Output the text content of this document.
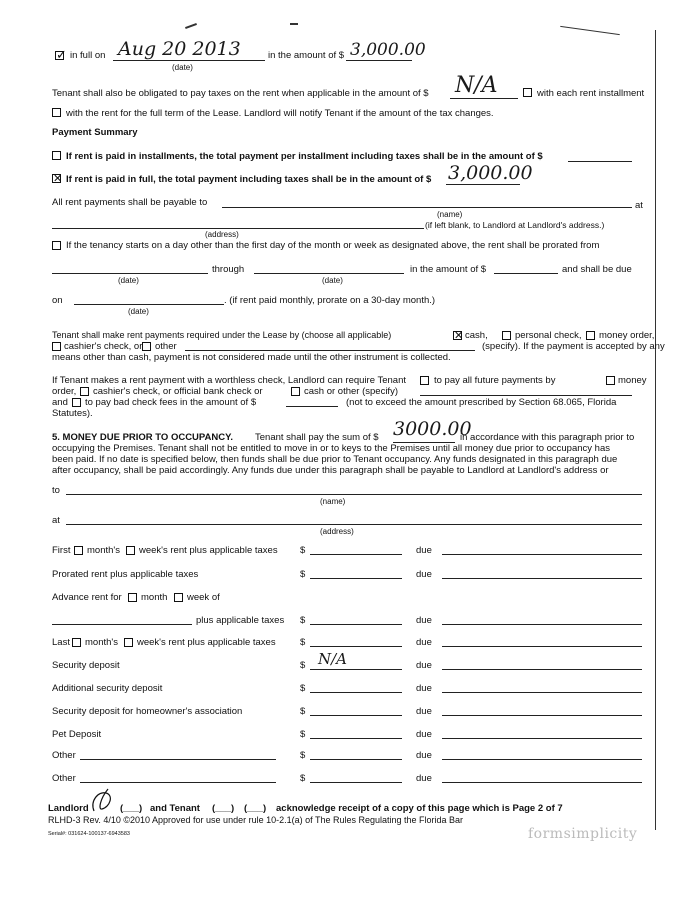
✓
in full on Aug 20 2013
(date)
in the amount of $ 3,000.00
Tenant shall also be obligated to pay taxes on the rent when applicable in the amount of $ N/A	with each rent installment
with the rent for the full term of the Lease. Landlord will notify Tenant if the amount of the tax changes.
Payment Summary
If rent is paid in installments, the total payment per installment including taxes shall be in the amount of $
✕
If rent is paid in full, the total payment including taxes shall be in the amount of $ 3,000.00
All rent payments shall be payable to	at
(name)
(if left blank, to Landlord at Landlord's address.)
(address)
If the tenancy starts on a day other than the first day of the month or week as designated above, the rent shall be prorated from
through	in the amount of $	and shall be due
(date)	(date)
on	. (if rent paid monthly, prorate on a 30-day month.)
(date)
Tenant shall make rent payments required under the Lease by (choose all applicable)
✕	cash,	personal check, money order,
cashier's check, or other	(specify). If the payment is accepted by any
means other than cash, payment is not considered made until the other instrument is collected.
If Tenant makes a rent payment with a worthless check, Landlord can require Tenant	to pay all future payments by	money
order, cashier's check, or official bank check or	cash or other (specify)
and to pay bad check fees in the amount of $	(not to exceed the amount prescribed by Section 68.065, Florida
Statutes).
5. MONEY DUE PRIOR TO OCCUPANCY. Tenant shall pay the sum of $ 3000.00
in accordance with this paragraph prior to
occupying the Premises. Tenant shall not be entitled to move in or to keys to the Premises until all money due prior to occupancy has
been paid. If no date is specified below, then funds shall be due prior to Tenant occupancy. Any funds designated in this paragraph due
after occupancy, shall be paid accordingly. Any funds due under this paragraph shall be payable to Landlord at Landlord's address or
to
(name)
at
(address)
First month's week's rent plus applicable taxes
Prorated rent plus applicable taxes
Advance rent for month week of
plus applicable taxes
Last month's week's rent plus applicable taxes
Security deposit
Additional security deposit
Security deposit for homeowner's association
Pet Deposit
Other
Other
$	due
$	due
$	due
$	due
$ N/A	due
$	due
$	due
$	due
$	due
$	due
Landlord	(___) and Tenant (___) (___) acknowledge receipt of a copy of this page which is Page 2 of 7
RLHD-3 Rev. 4/10 ©2010 Approved for use under rule 10-2.1(a) of The Rules Regulating the Florida Bar
Serial#: 031624-100137-6943583	formsimplicity
